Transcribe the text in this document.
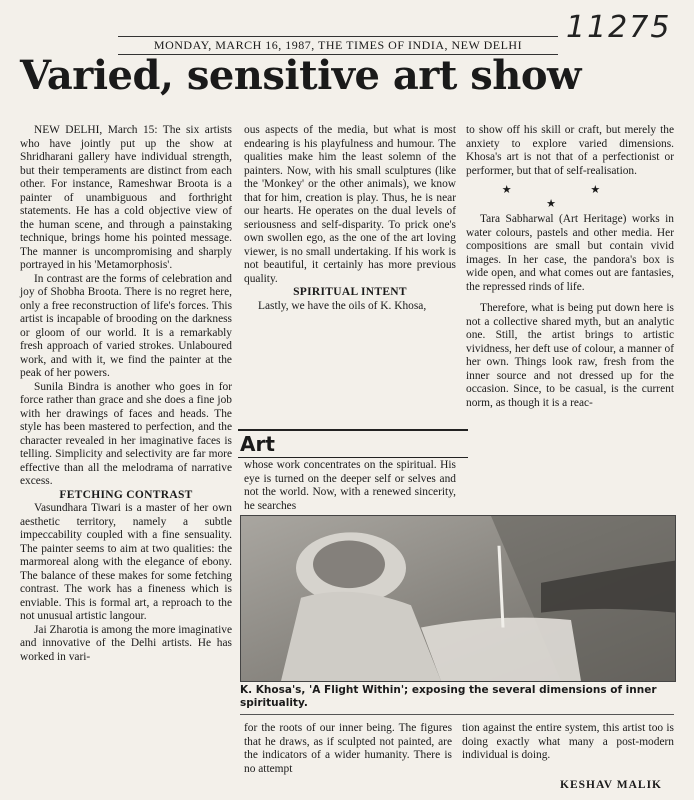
11275
MONDAY, MARCH 16, 1987, THE TIMES OF INDIA, NEW DELHI
Varied, sensitive art show

NEW DELHI, March 15: The six artists who have jointly put up the show at Shridharani gallery have individual strength, but their temperaments are distinct from each other. For instance, Rameshwar Broota is a painter of unambiguous and forthright statements. He has a cold objective view of the human scene, and through a painstaking technique, brings home his pointed message. The manner is uncompromising and sharply portrayed in his 'Metamorphosis'.

In contrast are the forms of celebration and joy of Shobha Broota. There is no regret here, only a free reconstruction of life's forces. This artist is incapable of brooding on the darkness or gloom of our world. It is a remarkably fresh approach of varied strokes. Unlaboured work, and with it, we find the painter at the peak of her powers.

Sunila Bindra is another who goes in for force rather than grace and she does a fine job with her drawings of faces and heads. The style has been mastered to perfection, and the character revealed in her imaginative faces is telling. Simplicity and selectivity are far more effective than all the melodrama of narrative excess.

FETCHING CONTRAST

Vasundhara Tiwari is a master of her own aesthetic territory, namely a subtle impeccability coupled with a fine sensuality. The painter seems to aim at two qualities: the marmoreal along with the elegance of ebony. The balance of these makes for some fetching contrast. The work has a fineness which is enviable. This is formal art, a reproach to the not unusual artistic langour.

Jai Zharotia is among the more imaginative and innovative of the Delhi artists. He has worked in vari-

ous aspects of the media, but what is most endearing is his playfulness and humour. The qualities make him the least solemn of the painters. Now, with his small sculptures (like the 'Monkey' or the other animals), we know that for him, creation is play. Thus, he is near our hearts. He operates on the dual levels of seriousness and self-disparity. To prick one's own swollen ego, as the one of the art loving viewer, is no small undertaking. If his work is not beautiful, it certainly has more previous quality.

SPIRITUAL INTENT

Lastly, we have the oils of K. Khosa,

Art

whose work concentrates on the spiritual. His eye is turned on the deeper self or selves and not the world. Now, with a renewed sincerity, he searches

to show off his skill or craft, but merely the anxiety to explore varied dimensions. Khosa's art is not that of a perfectionist or performer, but that of self-realisation.

★ ★ ★

Tara Sabharwal (Art Heritage) works in water colours, pastels and other media. Her compositions are small but contain vivid images. In her case, the pandora's box is wide open, and what comes out are fantasies, the repressed rinds of life.

Therefore, what is being put down here is not a collective shared myth, but an analytic one. Still, the artist brings to artistic vividness, her deft use of colour, a manner of her own. Things look raw, fresh from the inner source and not dressed up for the occasion. Since, to be casual, is the current norm, as though it is a reac-

K. Khosa's, 'A Flight Within'; exposing the several dimensions of inner spirituality.

for the roots of our inner being. The figures that he draws, as if sculpted not painted, are the indicators of a wider humanity. There is no attempt

tion against the entire system, this artist too is doing exactly what many a post-modern individual is doing.

KESHAV MALIK
